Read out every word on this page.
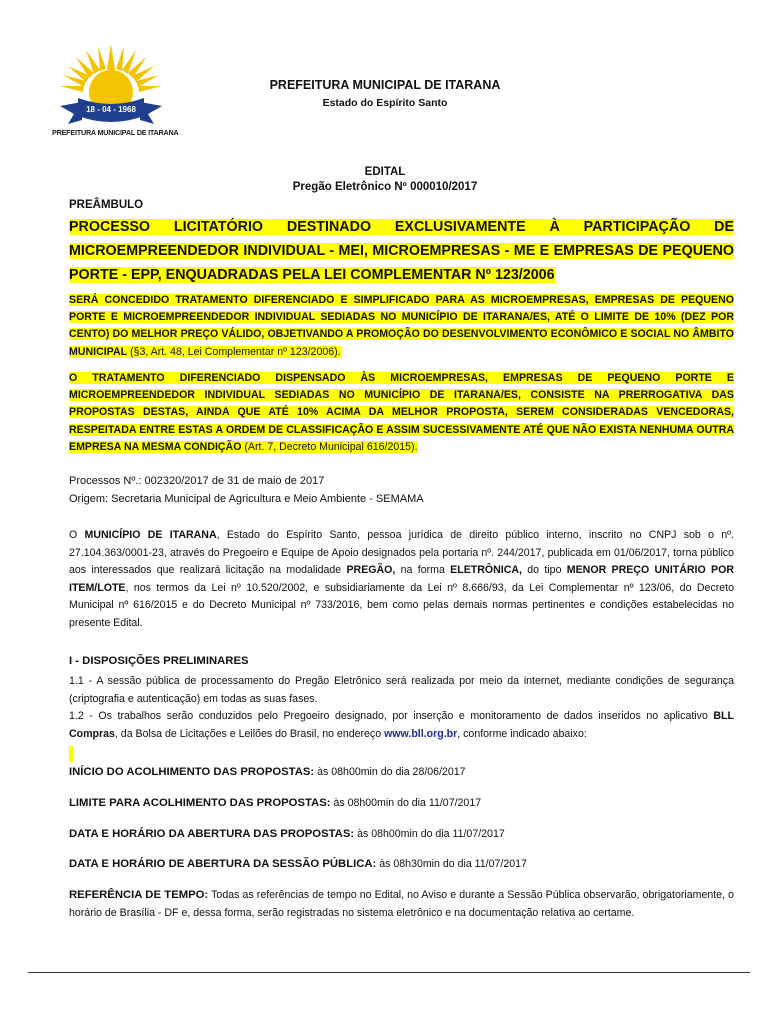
18 - 04 - 1968
PREFEITURA MUNICIPAL DE ITARANA
PREFEITURA MUNICIPAL DE ITARANA
Estado do Espírito Santo
EDITAL
Pregão Eletrônico Nº 000010/2017
PREÂMBULO
PROCESSO LICITATÓRIO DESTINADO EXCLUSIVAMENTE À PARTICIPAÇÃO DE MICROEMPREENDEDOR INDIVIDUAL - MEI, MICROEMPRESAS - ME E EMPRESAS DE PEQUENO PORTE - EPP, ENQUADRADAS PELA LEI COMPLEMENTAR Nº 123/2006
SERÁ CONCEDIDO TRATAMENTO DIFERENCIADO E SIMPLIFICADO PARA AS MICROEMPRESAS, EMPRESAS DE PEQUENO PORTE E MICROEMPREENDEDOR INDIVIDUAL SEDIADAS NO MUNICÍPIO DE ITARANA/ES, ATÉ O LIMITE DE 10% (DEZ POR CENTO) DO MELHOR PREÇO VÁLIDO, OBJETIVANDO A PROMOÇÃO DO DESENVOLVIMENTO ECONÔMICO E SOCIAL NO ÂMBITO MUNICIPAL (§3, Art. 48, Lei Complementar nº 123/2006).
O TRATAMENTO DIFERENCIADO DISPENSADO ÀS MICROEMPRESAS, EMPRESAS DE PEQUENO PORTE E MICROEMPREENDEDOR INDIVIDUAL SEDIADAS NO MUNICÍPIO DE ITARANA/ES, CONSISTE NA PRERROGATIVA DAS PROPOSTAS DESTAS, AINDA QUE ATÉ 10% ACIMA DA MELHOR PROPOSTA, SEREM CONSIDERADAS VENCEDORAS, RESPEITADA ENTRE ESTAS A ORDEM DE CLASSIFICAÇÃO E ASSIM SUCESSIVAMENTE ATÉ QUE NÃO EXISTA NENHUMA OUTRA EMPRESA NA MESMA CONDIÇÃO (Art. 7, Decreto Municipal 616/2015).
Processos Nº.: 002320/2017 de 31 de maio de 2017
Origem: Secretaria Municipal de Agricultura e Meio Ambiente - SEMAMA
O MUNICÍPIO DE ITARANA, Estado do Espírito Santo, pessoa jurídica de direito público interno, inscrito no CNPJ sob o nº. 27.104.363/0001-23, através do Pregoeiro e Equipe de Apoio designados pela portaria nº. 244/2017, publicada em 01/06/2017, torna público aos interessados que realizará licitação na modalidade PREGÃO, na forma ELETRÔNICA, do tipo MENOR PREÇO UNITÁRIO POR ITEM/LOTE, nos termos da Lei nº 10.520/2002, e subsidiariamente da Lei nº 8.666/93, da Lei Complementar nº 123/06, do Decreto Municipal nº 616/2015 e do Decreto Municipal nº 733/2016, bem como pelas demais normas pertinentes e condições estabelecidas no presente Edital.
I - DISPOSIÇÕES PRELIMINARES
1.1 - A sessão pública de processamento do Pregão Eletrônico será realizada por meio da internet, mediante condições de segurança (criptografia e autenticação) em todas as suas fases.
1.2 - Os trabalhos serão conduzidos pelo Pregoeiro designado, por inserção e monitoramento de dados inseridos no aplicativo BLL Compras, da Bolsa de Licitações e Leilões do Brasil, no endereço www.bll.org.br, conforme indicado abaixo:
INÍCIO DO ACOLHIMENTO DAS PROPOSTAS: às 08h00min do dia 28/06/2017
LIMITE PARA ACOLHIMENTO DAS PROPOSTAS: às 08h00min do dia 11/07/2017
DATA E HORÁRIO DA ABERTURA DAS PROPOSTAS: às 08h00min do dia 11/07/2017
DATA E HORÁRIO DE ABERTURA DA SESSÃO PÚBLICA: às 08h30min do dia 11/07/2017
REFERÊNCIA DE TEMPO: Todas as referências de tempo no Edital, no Aviso e durante a Sessão Pública observarão, obrigatoriamente, o horário de Brasília - DF e, dessa forma, serão registradas no sistema eletrônico e na documentação relativa ao certame.
